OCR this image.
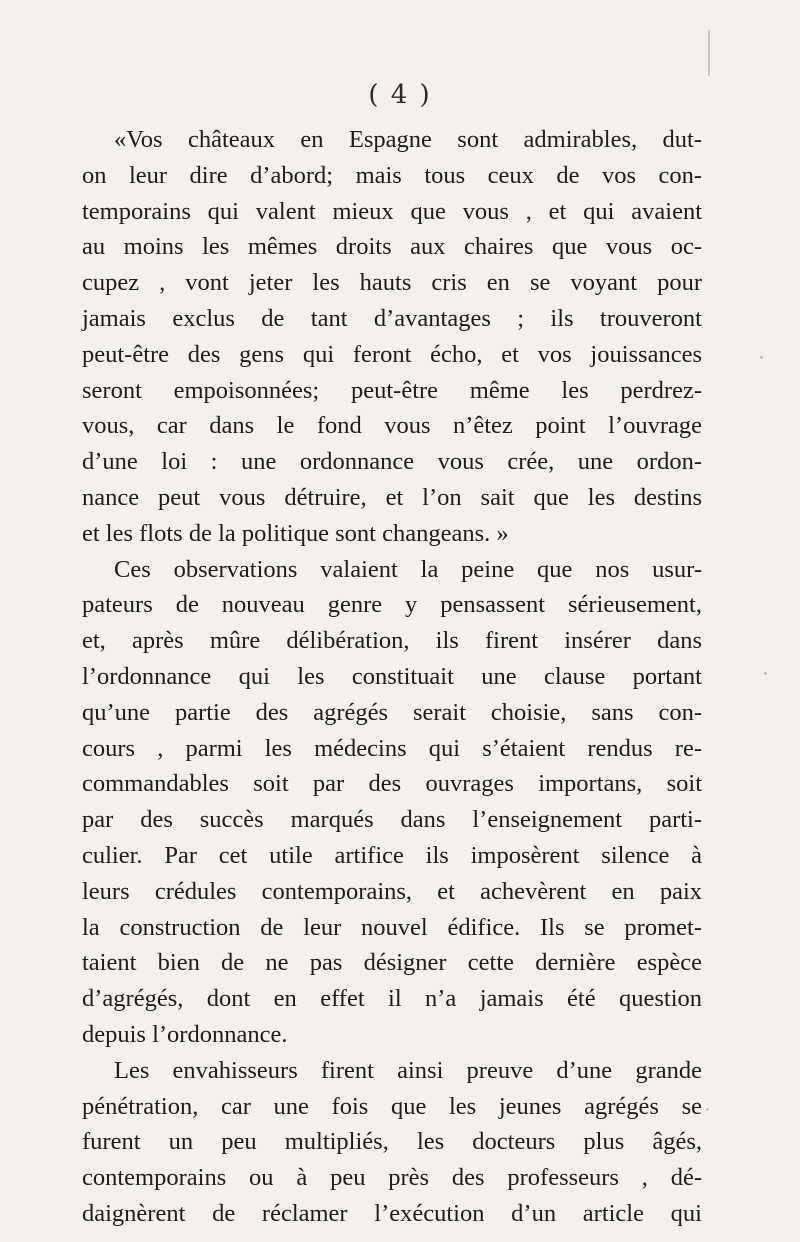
( 4 )
«Vos châteaux en Espagne sont admirables, dut-
on leur dire d’abord; mais tous ceux de vos con-
temporains qui valent mieux que vous , et qui avaient
au moins les mêmes droits aux chaires que vous oc-
cupez , vont jeter les hauts cris en se voyant pour
jamais exclus de tant d’avantages ; ils trouveront
peut-être des gens qui feront écho, et vos jouissances
seront empoisonnées; peut-être même les perdrez-
vous, car dans le fond vous n’êtez point l’ouvrage
d’une loi : une ordonnance vous crée, une ordon-
nance peut vous détruire, et l’on sait que les destins
et les flots de la politique sont changeans. »
Ces observations valaient la peine que nos usur-
pateurs de nouveau genre y pensassent sérieusement,
et, après mûre délibération, ils firent insérer dans
l’ordonnance qui les constituait une clause portant
qu’une partie des agrégés serait choisie, sans con-
cours , parmi les médecins qui s’étaient rendus re-
commandables soit par des ouvrages importans, soit
par des succès marqués dans l’enseignement parti-
culier. Par cet utile artifice ils imposèrent silence à
leurs crédules contemporains, et achevèrent en paix
la construction de leur nouvel édifice. Ils se promet-
taient bien de ne pas désigner cette dernière espèce
d’agrégés, dont en effet il n’a jamais été question
depuis l’ordonnance.
Les envahisseurs firent ainsi preuve d’une grande
pénétration, car une fois que les jeunes agrégés se
furent un peu multipliés, les docteurs plus âgés,
contemporains ou à peu près des professeurs , dé-
daignèrent de réclamer l’exécution d’un article qui
